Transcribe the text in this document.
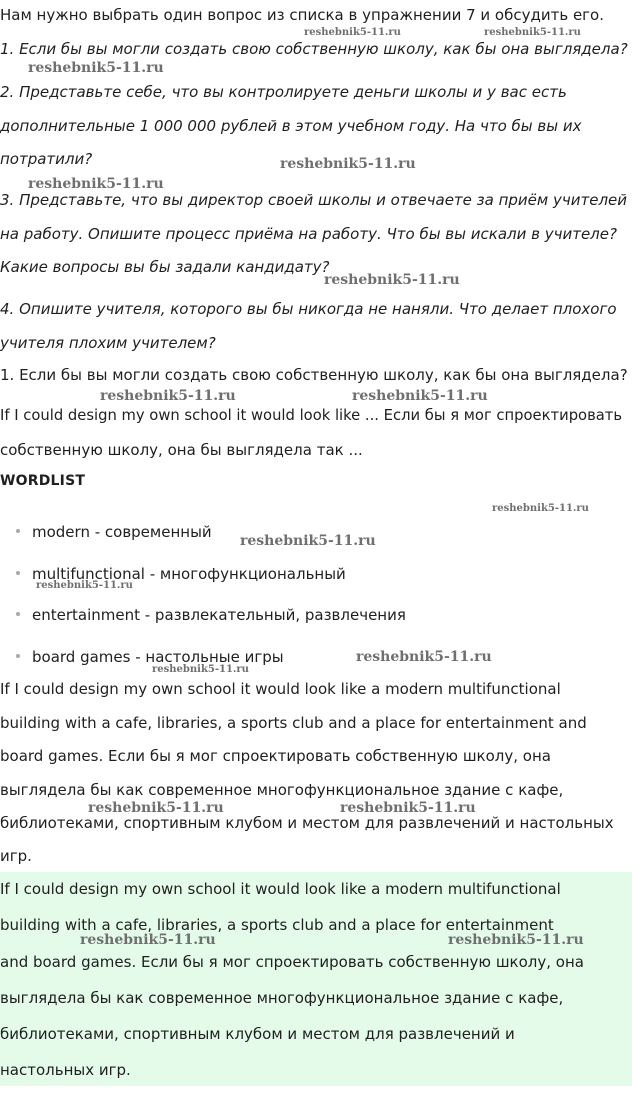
Нам нужно выбрать один вопрос из списка в упражнении 7 и обсудить его.
1. Если бы вы могли создать свою собственную школу, как бы она выглядела?
2. Представьте себе, что вы контролируете деньги школы и у вас есть
дополнительные 1 000 000 рублей в этом учебном году. На что бы вы их
потратили?
3. Представьте, что вы директор своей школы и отвечаете за приём учителей
на работу. Опишите процесс приёма на работу. Что бы вы искали в учителе?
Какие вопросы вы бы задали кандидату?
4. Опишите учителя, которого вы бы никогда не наняли. Что делает плохого
учителя плохим учителем?
1. Если бы вы могли создать свою собственную школу, как бы она выглядела?
If I could design my own school it would look like ... Если бы я мог спроектировать
собственную школу, она бы выглядела так ...
WORDLIST
modern - современный
multifunctional - многофункциональный
entertainment - развлекательный, развлечения
board games - настольные игры
If I could design my own school it would look like a modern multifunctional
building with a cafe, libraries, a sports club and a place for entertainment and
board games. Если бы я мог спроектировать собственную школу, она
выглядела бы как современное многофункциональное здание с кафе,
библиотеками, спортивным клубом и местом для развлечений и настольных
игр.
If I could design my own school it would look like a modern multifunctional
building with a cafe, libraries, a sports club and a place for entertainment
and board games. Если бы я мог спроектировать собственную школу, она
выглядела бы как современное многофункциональное здание с кафе,
библиотеками, спортивным клубом и местом для развлечений и
настольных игр.
reshebnik5-11.ru	reshebnik5-11.ru
reshebnik5-11.ru
reshebnik5-11.ru
reshebnik5-11.ru
reshebnik5-11.ru
reshebnik5-11.ru	reshebnik5-11.ru
reshebnik5-11.ru
reshebnik5-11.ru
reshebnik5-11.ru
reshebnik5-11.ru
reshebnik5-11.ru
reshebnik5-11.ru	reshebnik5-11.ru
reshebnik5-11.ru	reshebnik5-11.ru
